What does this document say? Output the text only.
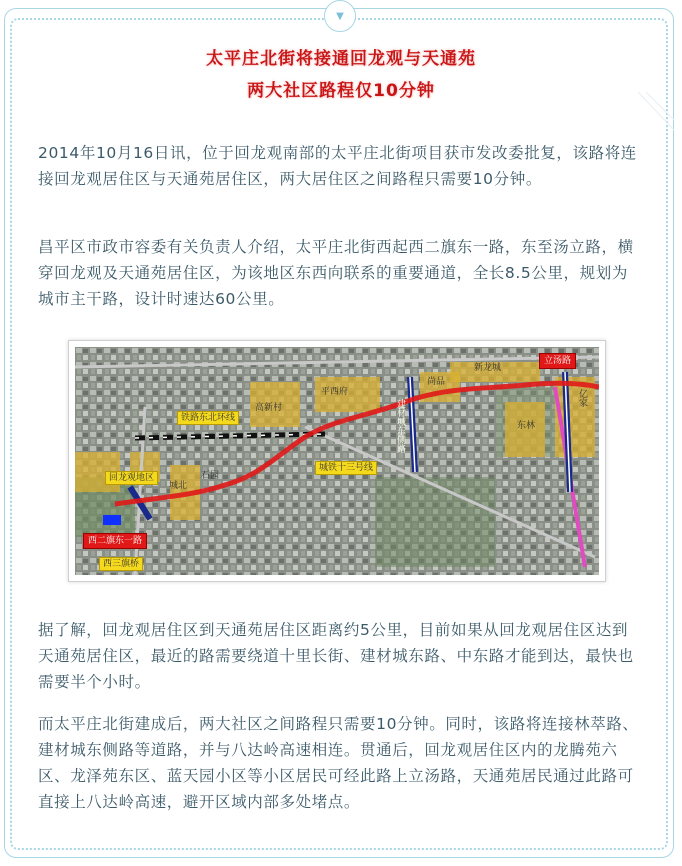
▼
太平庄北街将接通回龙观与天通苑
两大社区路程仅10分钟

2014年10月16日讯，位于回龙观南部的太平庄北街项目获市发改委批复，该路将连接回龙观居住区与天通苑居住区，两大居住区之间路程只需要10分钟。

昌平区市政市容委有关负责人介绍，太平庄北街西起西二旗东一路，东至汤立路，横穿回龙观及天通苑居住区，为该地区东西向联系的重要通道，全长8.5公里，规划为城市主干路，设计时速达60公里。

铁路东北环线
城铁十三号线
回龙观地区
立汤路
西二旗东一路
西三旗桥
建材城东侧路
亿家
高新村
平西府
尚品
新龙城
城北
石园
东林

据了解，回龙观居住区到天通苑居住区距离约5公里，目前如果从回龙观居住区达到天通苑居住区，最近的路需要绕道十里长街、建材城东路、中东路才能到达，最快也需要半个小时。

而太平庄北街建成后，两大社区之间路程只需要10分钟。同时，该路将连接林萃路、建材城东侧路等道路，并与八达岭高速相连。贯通后，回龙观居住区内的龙腾苑六区、龙泽苑东区、蓝天园小区等小区居民可经此路上立汤路，天通苑居民通过此路可直接上八达岭高速，避开区域内部多处堵点。
